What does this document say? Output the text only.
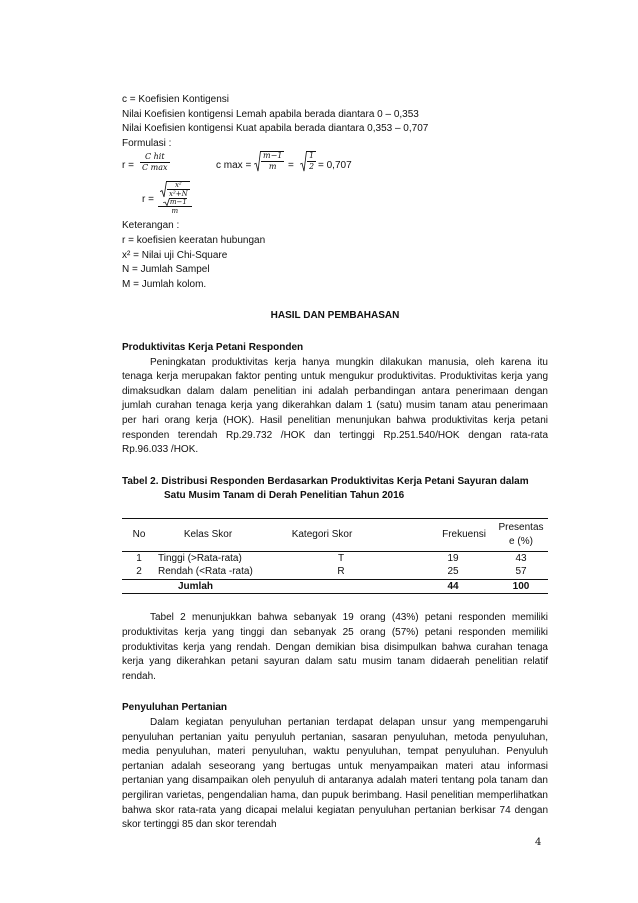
c = Koefisien Kontigensi
Nilai Koefisien kontigensi Lemah apabila berada diantara 0 – 0,353
Nilai Koefisien kontigensi Kuat apabila berada diantara 0,353 – 0,707
Formulasi :
r =
C hit
C max	c $\max = \frac{m-1}{m} = \frac{1}{2} = 0,707$
r =
$\frac{\text{x²}}{\text{x²+N}}$

m−1
m
Keterangan :
r = koefisien keeratan hubungan
x² = Nilai uji Chi-Square
N = Jumlah Sampel
M = Jumlah kolom.
HASIL DAN PEMBAHASAN
Produktivitas Kerja Petani Responden
Peningkatan produktivitas kerja hanya mungkin dilakukan manusia, oleh karena itu tenaga kerja merupakan faktor penting untuk mengukur produktivitas. Produktivitas kerja yang dimaksudkan dalam dalam penelitian ini adalah perbandingan antara penerimaan dengan jumlah curahan tenaga kerja yang dikerahkan dalam 1 (satu) musim tanam atau penerimaan per hari orang kerja (HOK). Hasil penelitian menunjukan bahwa produktivitas kerja petani responden terendah Rp.29.732 /HOK dan tertinggi Rp.251.540/HOK dengan rata-rata Rp.96.033 /HOK.
Tabel 2. Distribusi Responden Berdasarkan Produktivitas Kerja Petani Sayuran dalam
Satu Musim Tanam di Derah Penelitian Tahun 2016
No	Kelas Skor	Kategori Skor	Frekuensi	Presentas
e (%)

1	Tinggi (>Rata-rata)	T	19	43
2	Rendah (<Rata -rata)	R	25	57
	Jumlah		44	100
Tabel 2 menunjukkan bahwa sebanyak 19 orang (43%) petani responden memiliki produktivitas kerja yang tinggi dan sebanyak 25 orang (57%) petani responden memiliki produktivitas kerja yang rendah. Dengan demikian bisa disimpulkan bahwa curahan tenaga kerja yang dikerahkan petani sayuran dalam satu musim tanam didaerah penelitian relatif rendah.
Penyuluhan Pertanian
Dalam kegiatan penyuluhan pertanian terdapat delapan unsur yang mempengaruhi penyuluhan pertanian yaitu penyuluh pertanian, sasaran penyuluhan, metoda penyuluhan, media penyuluhan, materi penyuluhan, waktu penyuluhan, tempat penyuluhan. Penyuluh pertanian adalah seseorang yang bertugas untuk menyampaikan materi atau informasi pertanian yang disampaikan oleh penyuluh di antaranya adalah materi tentang pola tanam dan pergiliran varietas, pengendalian hama, dan pupuk berimbang. Hasil penelitian memperlihatkan bahwa skor rata-rata yang dicapai melalui kegiatan penyuluhan pertanian berkisar 74 dengan skor tertinggi 85 dan skor terendah
4
